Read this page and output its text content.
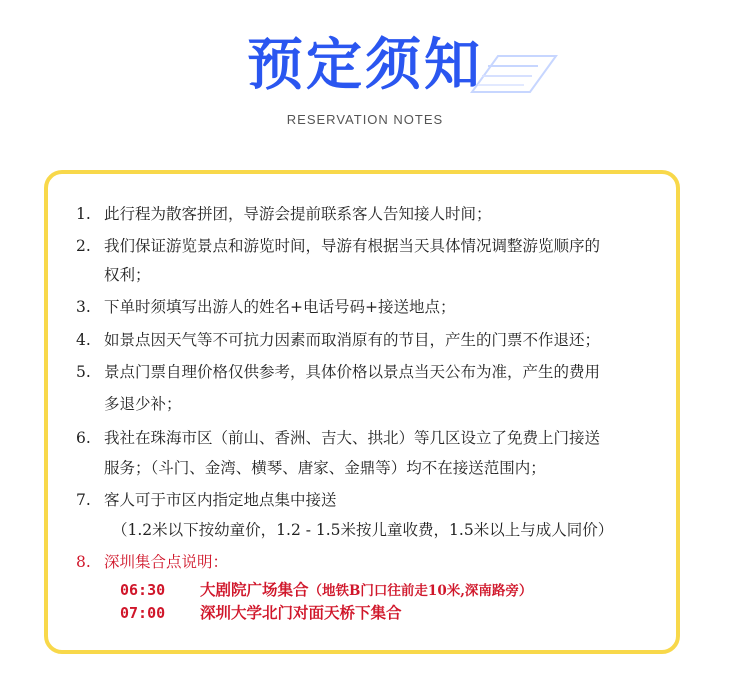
预定须知
RESERVATION NOTES
1. 此行程为散客拼团，导游会提前联系客人告知接人时间；
2. 我们保证游览景点和游览时间，导游有根据当天具体情况调整游览顺序的
权利；
3. 下单时须填写出游人的姓名+电话号码+接送地点；
4. 如景点因天气等不可抗力因素而取消原有的节目，产生的门票不作退还；
5. 景点门票自理价格仅供参考，具体价格以景点当天公布为准，产生的费用
多退少补；
6. 我社在珠海市区（前山、香洲、吉大、拱北）等几区设立了免费上门接送
服务；（斗门、金湾、横琴、唐家、金鼎等）均不在接送范围内；
7. 客人可于市区内指定地点集中接送
（1.2米以下按幼童价，1.2 - 1.5米按儿童收费，1.5米以上与成人同价）
8. 深圳集合点说明：
06:30 大剧院广场集合（地铁B门口往前走10米,深南路旁）
07:00 深圳大学北门对面天桥下集合
